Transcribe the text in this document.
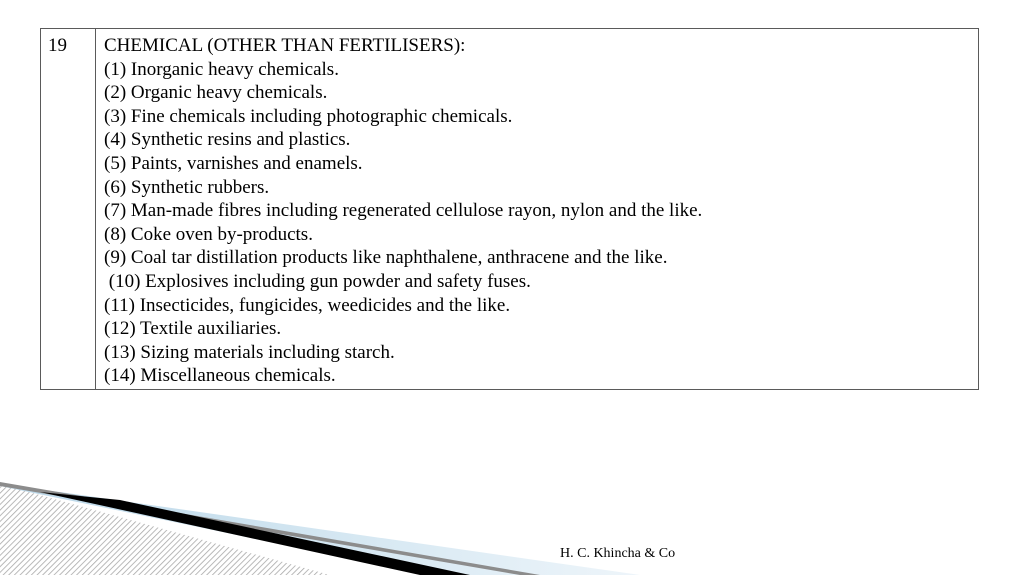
19	CHEMICAL (OTHER THAN FERTILISERS):
(1) Inorganic heavy chemicals.
(2) Organic heavy chemicals.
(3) Fine chemicals including photographic chemicals.
(4) Synthetic resins and plastics.
(5) Paints, varnishes and enamels.
(6) Synthetic rubbers.
(7) Man-made fibres including regenerated cellulose rayon, nylon and the like.
(8) Coke oven by-products.
(9) Coal tar distillation products like naphthalene, anthracene and the like.
(10) Explosives including gun powder and safety fuses.
(11) Insecticides, fungicides, weedicides and the like.
(12) Textile auxiliaries.
(13) Sizing materials including starch.
(14) Miscellaneous chemicals.
H. C. Khincha & Co
